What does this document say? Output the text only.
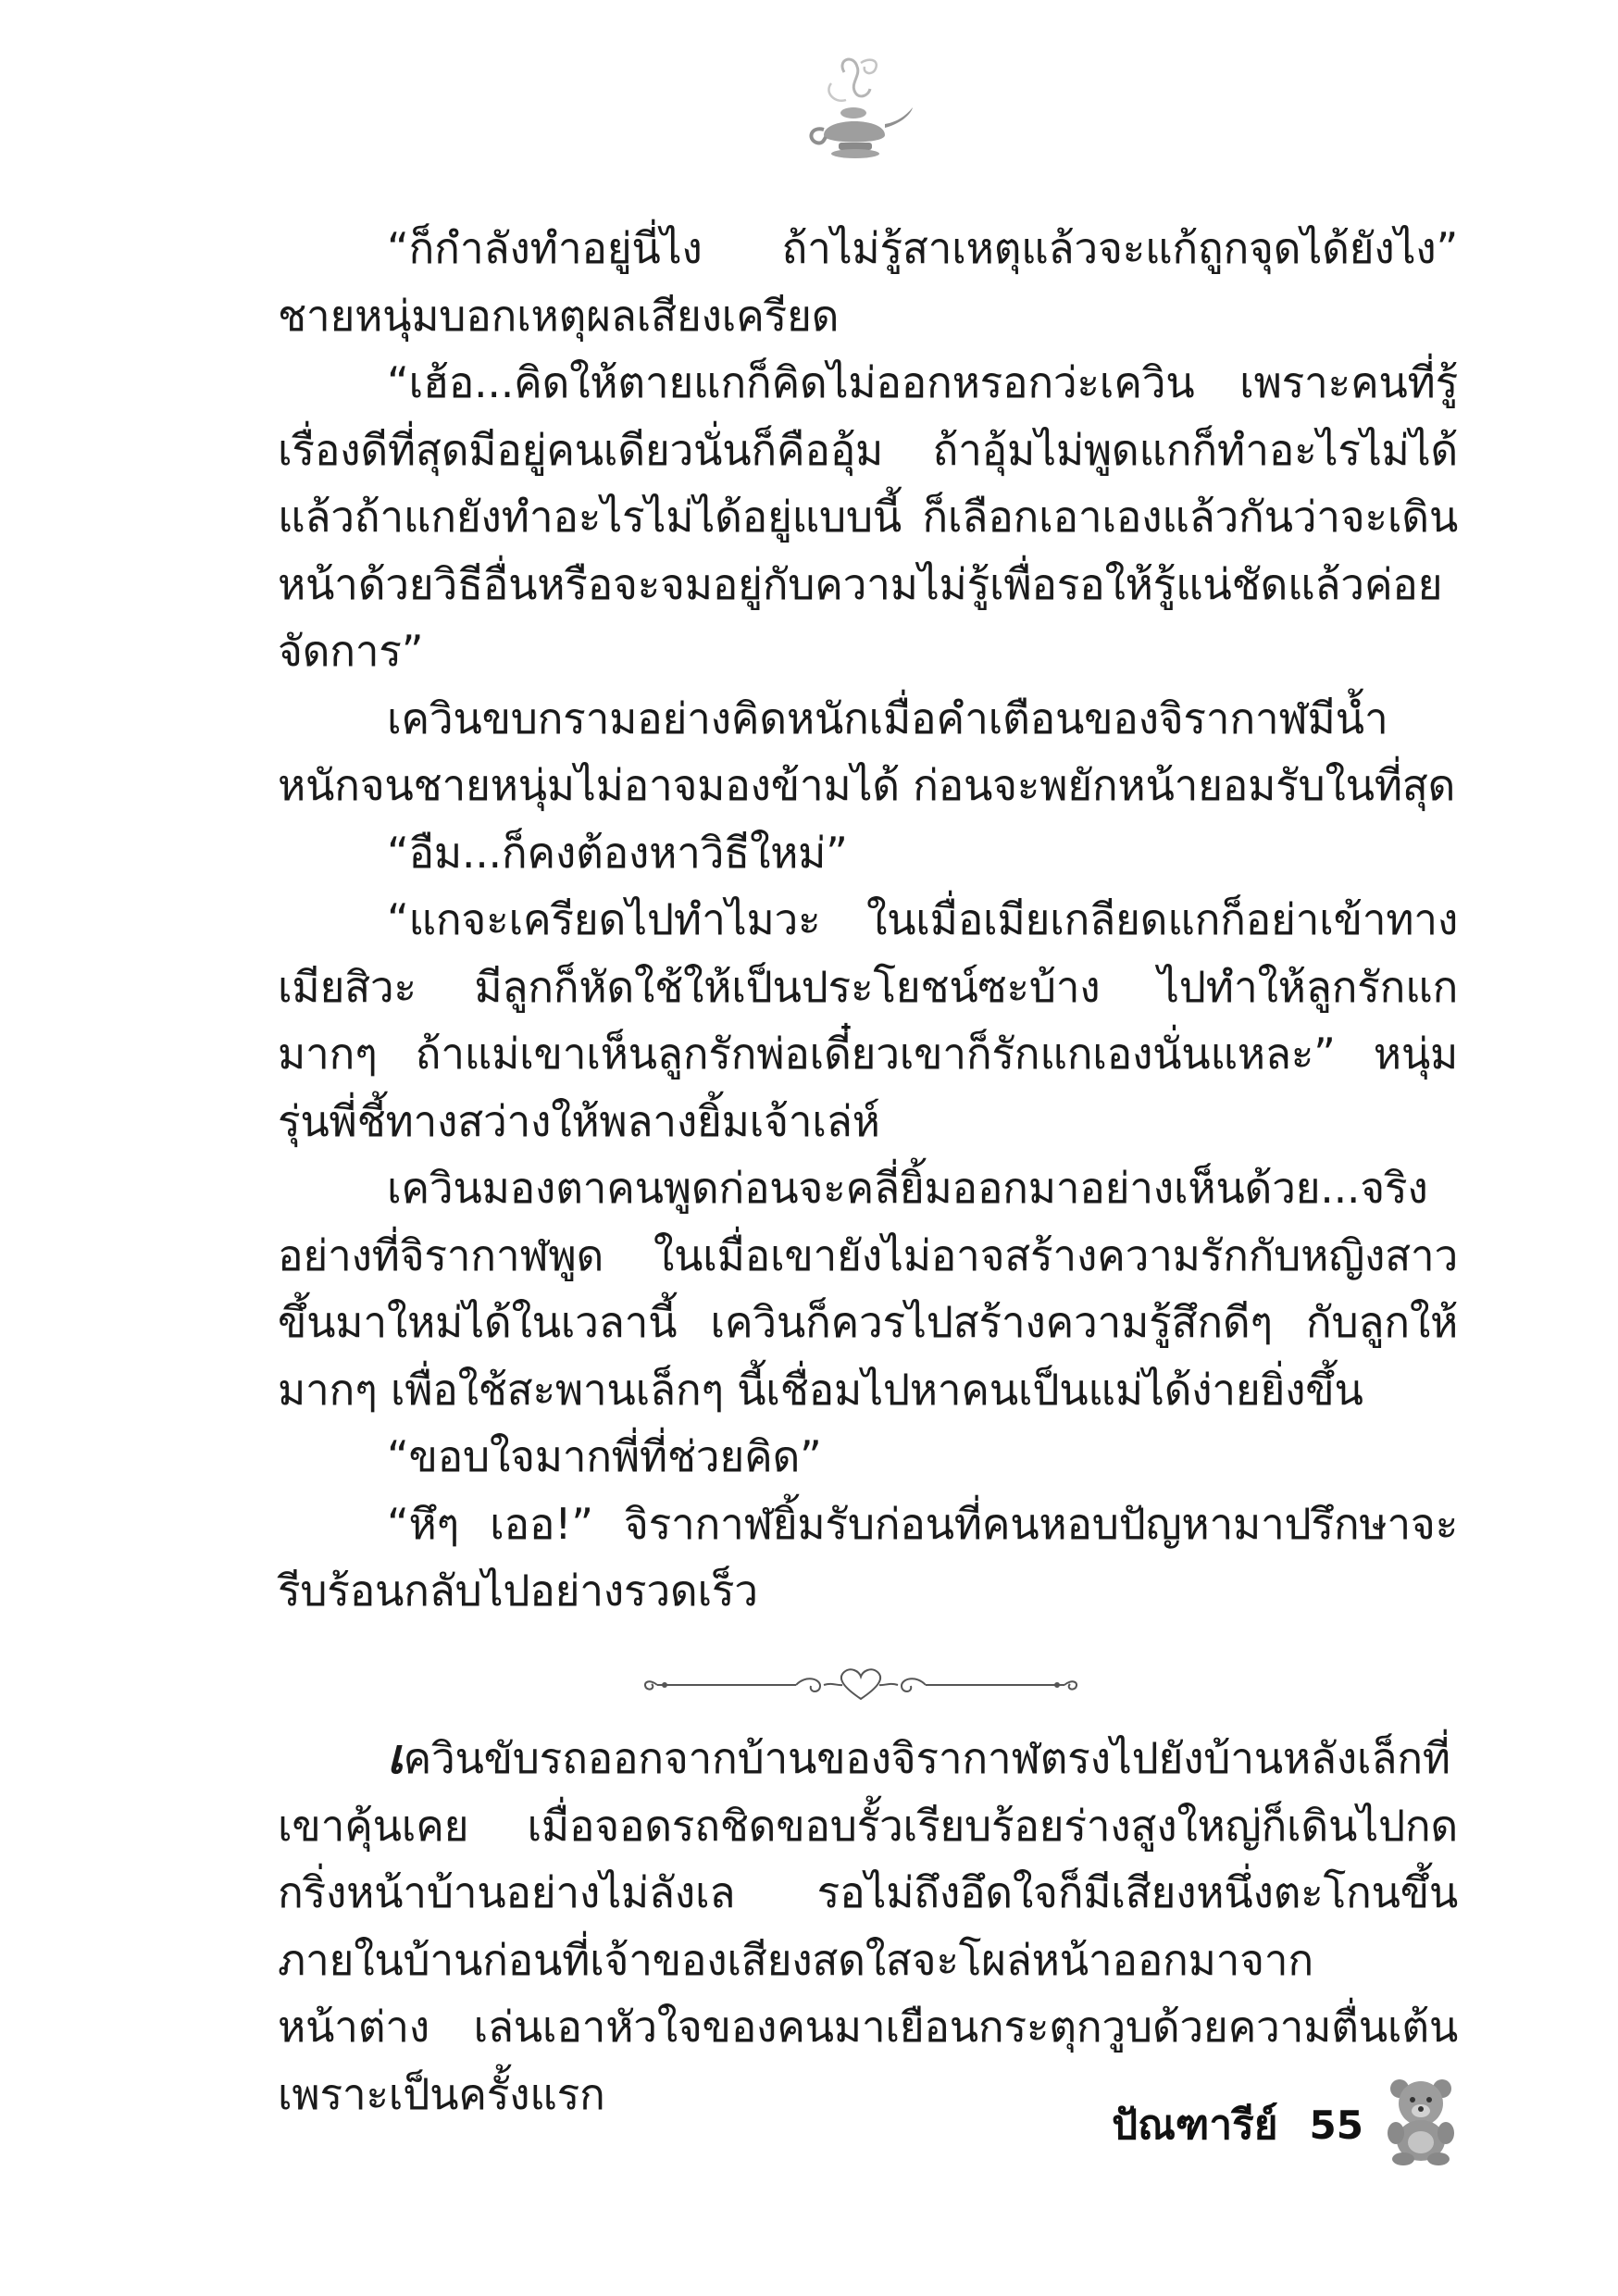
“ก็กำลังทำอยู่นี่ไง ถ้าไม่รู้สาเหตุแล้วจะแก้ถูกจุดได้ยังไง” ชายหนุ่มบอกเหตุผลเสียงเครียด

“เฮ้อ...คิดให้ตายแกก็คิดไม่ออกหรอกว่ะเควิน เพราะคนที่รู้เรื่องดีที่สุดมีอยู่คนเดียวนั่นก็คืออุ้ม ถ้าอุ้มไม่พูดแกก็ทำอะไรไม่ได้ แล้วถ้าแกยังทำอะไรไม่ได้อยู่แบบนี้ ก็เลือกเอาเองแล้วกันว่าจะเดินหน้าด้วยวิธีอื่นหรือจะจมอยู่กับความไม่รู้เพื่อรอให้รู้แน่ชัดแล้วค่อยจัดการ”

เควินขบกรามอย่างคิดหนักเมื่อคำเตือนของจิรากาฬมีน้ำหนักจนชายหนุ่มไม่อาจมองข้ามได้ ก่อนจะพยักหน้ายอมรับในที่สุด

“อืม...ก็คงต้องหาวิธีใหม่”

“แกจะเครียดไปทำไมวะ ในเมื่อเมียเกลียดแกก็อย่าเข้าทางเมียสิวะ มีลูกก็หัดใช้ให้เป็นประโยชน์ซะบ้าง ไปทำให้ลูกรักแกมากๆ ถ้าแม่เขาเห็นลูกรักพ่อเดี๋ยวเขาก็รักแกเองนั่นแหละ” หนุ่มรุ่นพี่ชี้ทางสว่างให้พลางยิ้มเจ้าเล่ห์

เควินมองตาคนพูดก่อนจะคลี่ยิ้มออกมาอย่างเห็นด้วย...จริงอย่างที่จิรากาฬพูด ในเมื่อเขายังไม่อาจสร้างความรักกับหญิงสาวขึ้นมาใหม่ได้ในเวลานี้ เควินก็ควรไปสร้างความรู้สึกดีๆ กับลูกให้มากๆ เพื่อใช้สะพานเล็กๆ นี้เชื่อมไปหาคนเป็นแม่ได้ง่ายยิ่งขึ้น

“ขอบใจมากพี่ที่ช่วยคิด”

“หึๆ เออ!” จิรากาฬยิ้มรับก่อนที่คนหอบปัญหามาปรึกษาจะรีบร้อนกลับไปอย่างรวดเร็ว

เควินขับรถออกจากบ้านของจิรากาฬตรงไปยังบ้านหลังเล็กที่เขาคุ้นเคย เมื่อจอดรถชิดขอบรั้วเรียบร้อยร่างสูงใหญ่ก็เดินไปกดกริ่งหน้าบ้านอย่างไม่ลังเล รอไม่ถึงอึดใจก็มีเสียงหนึ่งตะโกนขึ้นภายในบ้านก่อนที่เจ้าของเสียงสดใสจะโผล่หน้าออกมาจากหน้าต่าง เล่นเอาหัวใจของคนมาเยือนกระตุกวูบด้วยความตื่นเต้น เพราะเป็นครั้งแรก

ปัณฑารีย์ 55
